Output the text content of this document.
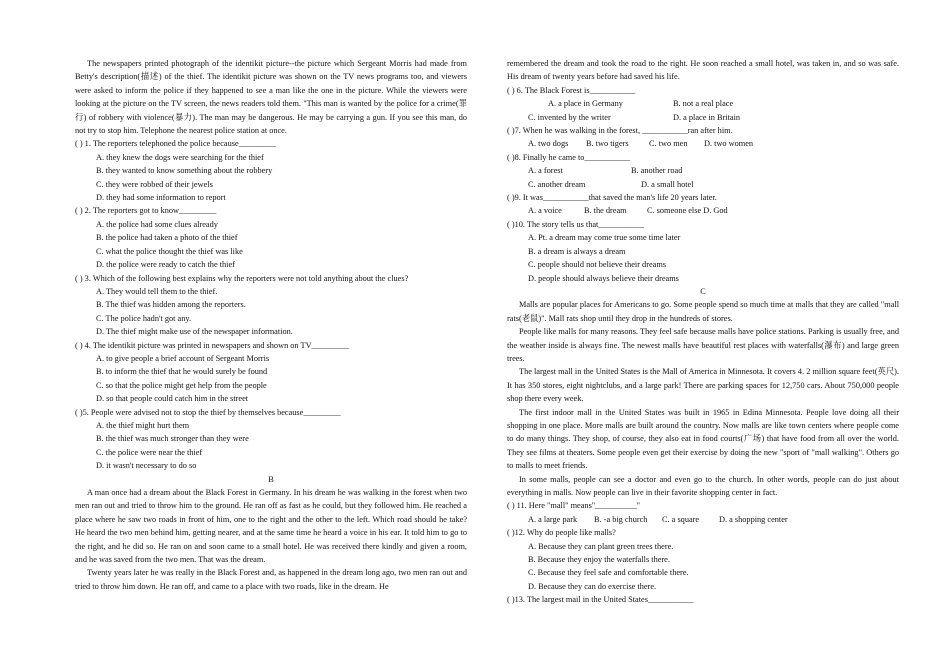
The newspapers printed photograph of the identikit picture--the picture which Sergeant Morris had made from Betty's description(描述) of the thief. The identikit picture was shown on the TV news programs too, and viewers were asked to inform the police if they happened to see a man like the one in the picture. While the viewers were looking at the picture on the TV screen, the news readers told them. "This man is wanted by the police for a crime(罪行) of robbery with violence(暴力). The man may be dangerous. He may be carrying a gun. If you see this man, do not try to stop him. Telephone the nearest police station at once.

( ) 1. The reporters telephoned the police because_________

A. they knew the dogs were searching for the thief

B. they wanted to know something about the robbery

C. they were robbed of their jewels

D. they had some information to report

( ) 2. The reporters got to know_________

A. the police had some clues already

B. the police had taken a photo of the thief

C. what the police thought the thief was like

D. the police were ready to catch the thief

( ) 3. Which of the following best explains why the reporters were not told anything about the clues?

A. They would tell them to the thief.

B. The thief was hidden among the reporters.

C. The police hadn't got any.

D. The thief might make use of the newspaper information.

( ) 4. The identikit picture was printed in newspapers and shown on TV_________

A. to give people a brief account of Sergeant Morris

B. to inform the thief that he would surely be found

C. so that the police might get help from the people

D. so that people could catch him in the street

( )5. People were advised not to stop the thief by themselves because_________

A. the thief might hurt them

B. the thief was much stronger than they were

C. the police were near the thief

D. it wasn't necessary to do so

B

A man once had a dream about the Black Forest in Germany. In his dream he was walking in the forest when two men ran out and tried to throw him to the ground. He ran off as fast as he could, but they followed him. He reached a place where he saw two roads in front of him, one to the right and the other to the left. Which road should he take? He heard the two men behind him, getting nearer, and at the same time he heard a voice in his ear. It told him to go to the right, and he did so. He ran on and soon came to a small hotel. He was received there kindly and given a room, and he was saved from the two men. That was the dream.

Twenty years later he was really in the Black Forest and, as happened in the dream long ago, two men ran out and tried to throw him down. He ran off, and came to a place with two roads, like in the dream. He

remembered the dream and took the road to the right. He soon reached a small hotel, was taken in, and so was safe. His dream of twenty years before had saved his life.

( ) 6. The Black Forest is___________

A. a place in Germany	B. not a real place
C. invented by the writer	D. a place in Britain

( )7. When he was walking in the forest, ___________ran after him.

A. two dogs	B. two tigers	C. two men	D. two women

( )8. Finally he came to___________

A. a forest	B. another road
C. another dream	D. a small hotel

( )9. It was___________that saved the man's life 20 years later.

A. a voice	B. the dream	C. someone else D. God

( )10. The story tells us that___________

A. Pt. a dream may come true some time later

B. a dream is always a dream

C. people should not believe their dreams

D. people should always believe their dreams

C

Malls are popular places for Americans to go. Some people spend so much time at malls that they are called "mall rats(老鼠)". Mall rats shop until they drop in the hundreds of stores.

People like malls for many reasons. They feel safe because malls have police stations. Parking is usually free, and the weather inside is always fine. The newest malls have beautiful rest places with waterfalls(瀑布) and large green trees.

The largest mall in the United States is the Mall of America in Minnesota. It covers 4. 2 million square feet(英尺). It has 350 stores, eight nightclubs, and a large park! There are parking spaces for 12,750 cars. About 750,000 people shop there every week.

The first indoor mall in the United States was built in 1965 in Edina Minnesota. People love doing all their shopping in one place. More malls are built around the country. Now malls are like town centers where people come to do many things. They shop, of course, they also eat in food courts(广场) that have food from all over the world. They see films at theaters. Some people even get their exercise by doing the new "sport of "mall walking". Others go to malls to meet friends.

In some malls, people can see a doctor and even go to the church. In other words, people can do just about everything in malls. Now people can live in their favorite shopping center in fact.

( ) 11. Here "mall" means"__________"

A. a large park	B. -a big church	C. a square	D. a shopping center

( )12. Why do people like malls?

A. Because they can plant green trees there.

B. Because they enjoy the waterfalls there.

C. Because they feel safe and comfortable there.

D. Because they can do exercise there.

( )13. The largest mail in the United States___________
